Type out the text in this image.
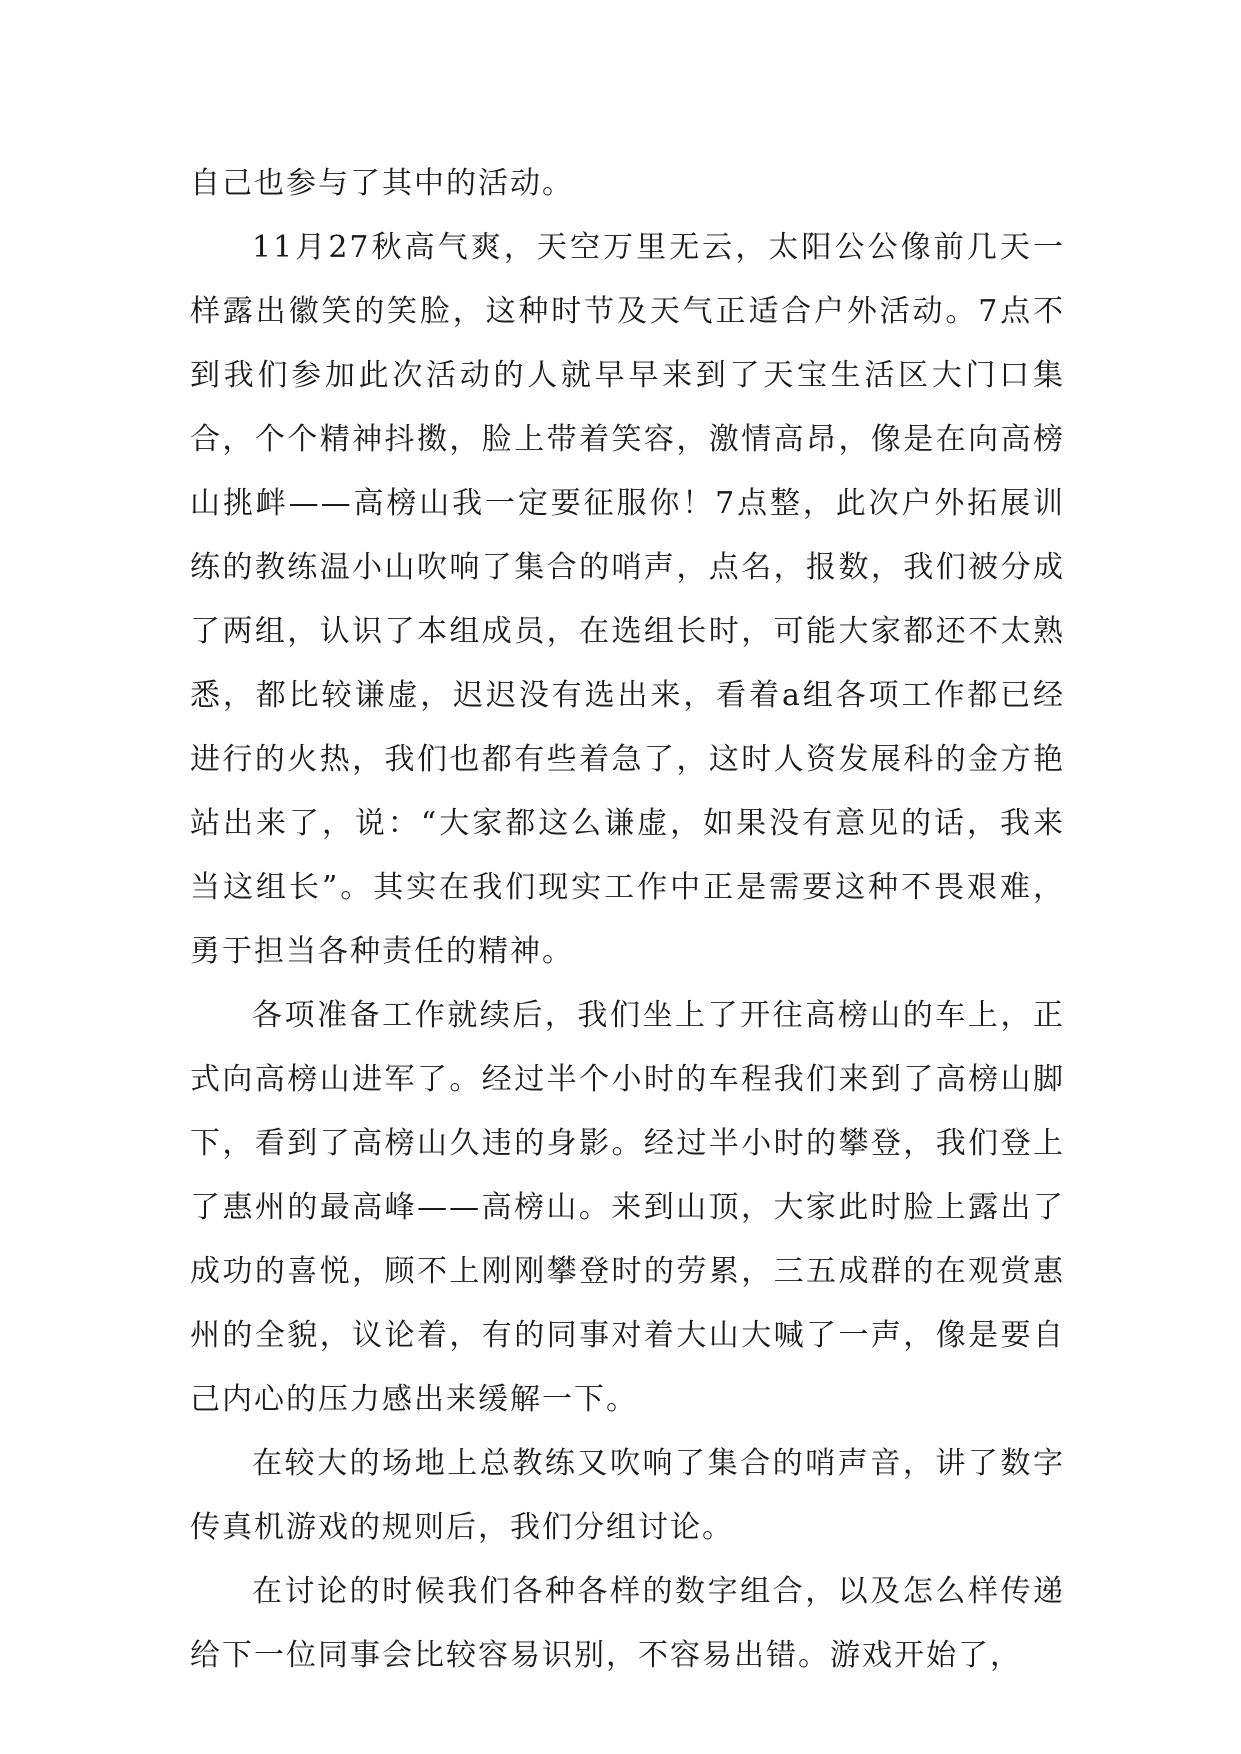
自己也参与了其中的活动。

11月27秋高气爽，天空万里无云，太阳公公像前几天一样露出徽笑的笑脸，这种时节及天气正适合户外活动。7点不到我们参加此次活动的人就早早来到了天宝生活区大门口集合，个个精神抖擞，脸上带着笑容，激情高昂，像是在向高榜山挑衅——高榜山我一定要征服你！7点整，此次户外拓展训练的教练温小山吹响了集合的哨声，点名，报数，我们被分成了两组，认识了本组成员，在选组长时，可能大家都还不太熟悉，都比较谦虚，迟迟没有选出来，看着a组各项工作都已经进行的火热，我们也都有些着急了，这时人资发展科的金方艳站出来了，说：“大家都这么谦虚，如果没有意见的话，我来当这组长”。其实在我们现实工作中正是需要这种不畏艰难，勇于担当各种责任的精神。

各项准备工作就续后，我们坐上了开往高榜山的车上，正式向高榜山进军了。经过半个小时的车程我们来到了高榜山脚下，看到了高榜山久违的身影。经过半小时的攀登，我们登上了惠州的最高峰——高榜山。来到山顶，大家此时脸上露出了成功的喜悦，顾不上刚刚攀登时的劳累，三五成群的在观赏惠州的全貌，议论着，有的同事对着大山大喊了一声，像是要自己内心的压力感出来缓解一下。

在较大的场地上总教练又吹响了集合的哨声音，讲了数字传真机游戏的规则后，我们分组讨论。

在讨论的时候我们各种各样的数字组合，以及怎么样传递给下一位同事会比较容易识别，不容易出错。游戏开始了，
